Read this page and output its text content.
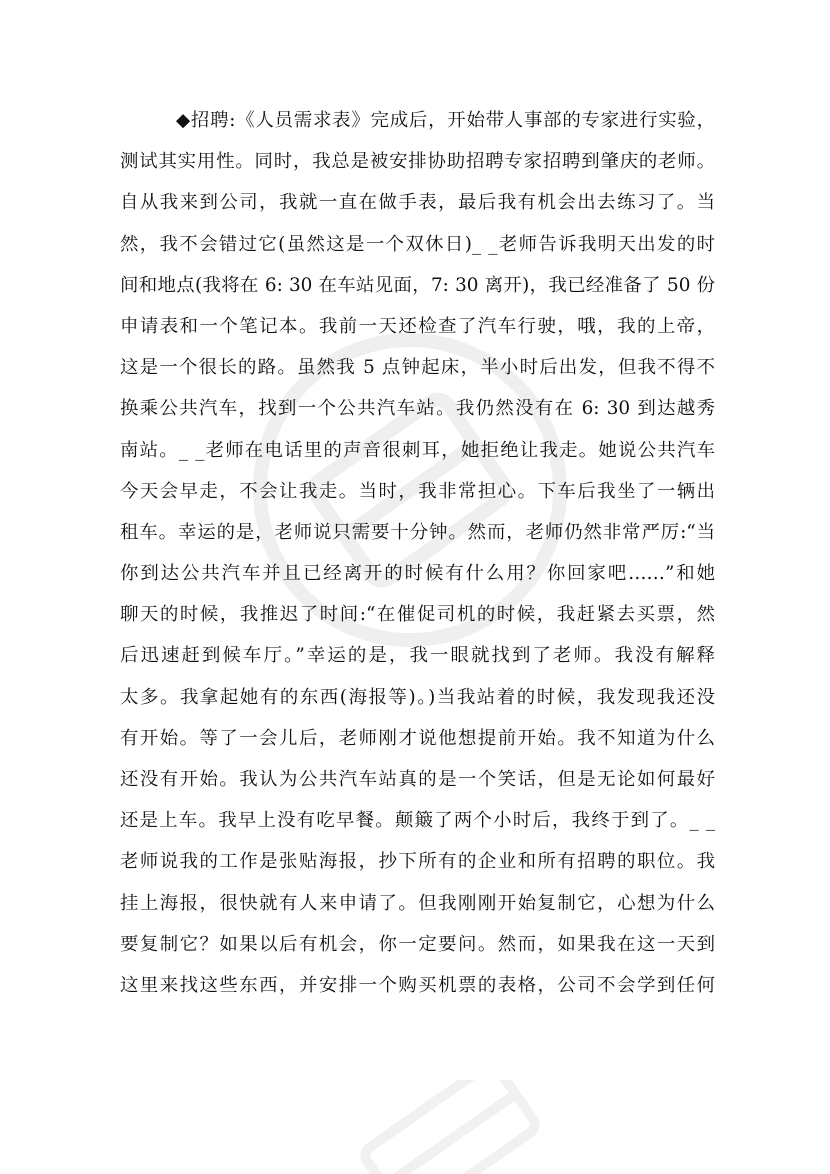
◆招聘:《人员需求表》完成后，开始带人事部的专家进行实验，
测试其实用性。同时，我总是被安排协助招聘专家招聘到肇庆的老师。
自从我来到公司，我就一直在做手表，最后我有机会出去练习了。当
然，我不会错过它(虽然这是一个双休日)_ _老师告诉我明天出发的时
间和地点(我将在 6: 30 在车站见面，7: 30 离开)，我已经准备了 50 份
申请表和一个笔记本。我前一天还检查了汽车行驶，哦，我的上帝，
这是一个很长的路。虽然我 5 点钟起床，半小时后出发，但我不得不
换乘公共汽车，找到一个公共汽车站。我仍然没有在 6: 30 到达越秀
南站。_ _老师在电话里的声音很刺耳，她拒绝让我走。她说公共汽车
今天会早走，不会让我走。当时，我非常担心。下车后我坐了一辆出
租车。幸运的是，老师说只需要十分钟。然而，老师仍然非常严厉:“当
你到达公共汽车并且已经离开的时候有什么用？你回家吧……”和她
聊天的时候，我推迟了时间:“在催促司机的时候，我赶紧去买票，然
后迅速赶到候车厅。”幸运的是，我一眼就找到了老师。我没有解释
太多。我拿起她有的东西(海报等)。)当我站着的时候，我发现我还没
有开始。等了一会儿后，老师刚才说他想提前开始。我不知道为什么
还没有开始。我认为公共汽车站真的是一个笑话，但是无论如何最好
还是上车。我早上没有吃早餐。颠簸了两个小时后，我终于到了。_ _
老师说我的工作是张贴海报，抄下所有的企业和所有招聘的职位。我
挂上海报，很快就有人来申请了。但我刚刚开始复制它，心想为什么
要复制它？如果以后有机会，你一定要问。然而，如果我在这一天到
这里来找这些东西，并安排一个购买机票的表格，公司不会学到任何
